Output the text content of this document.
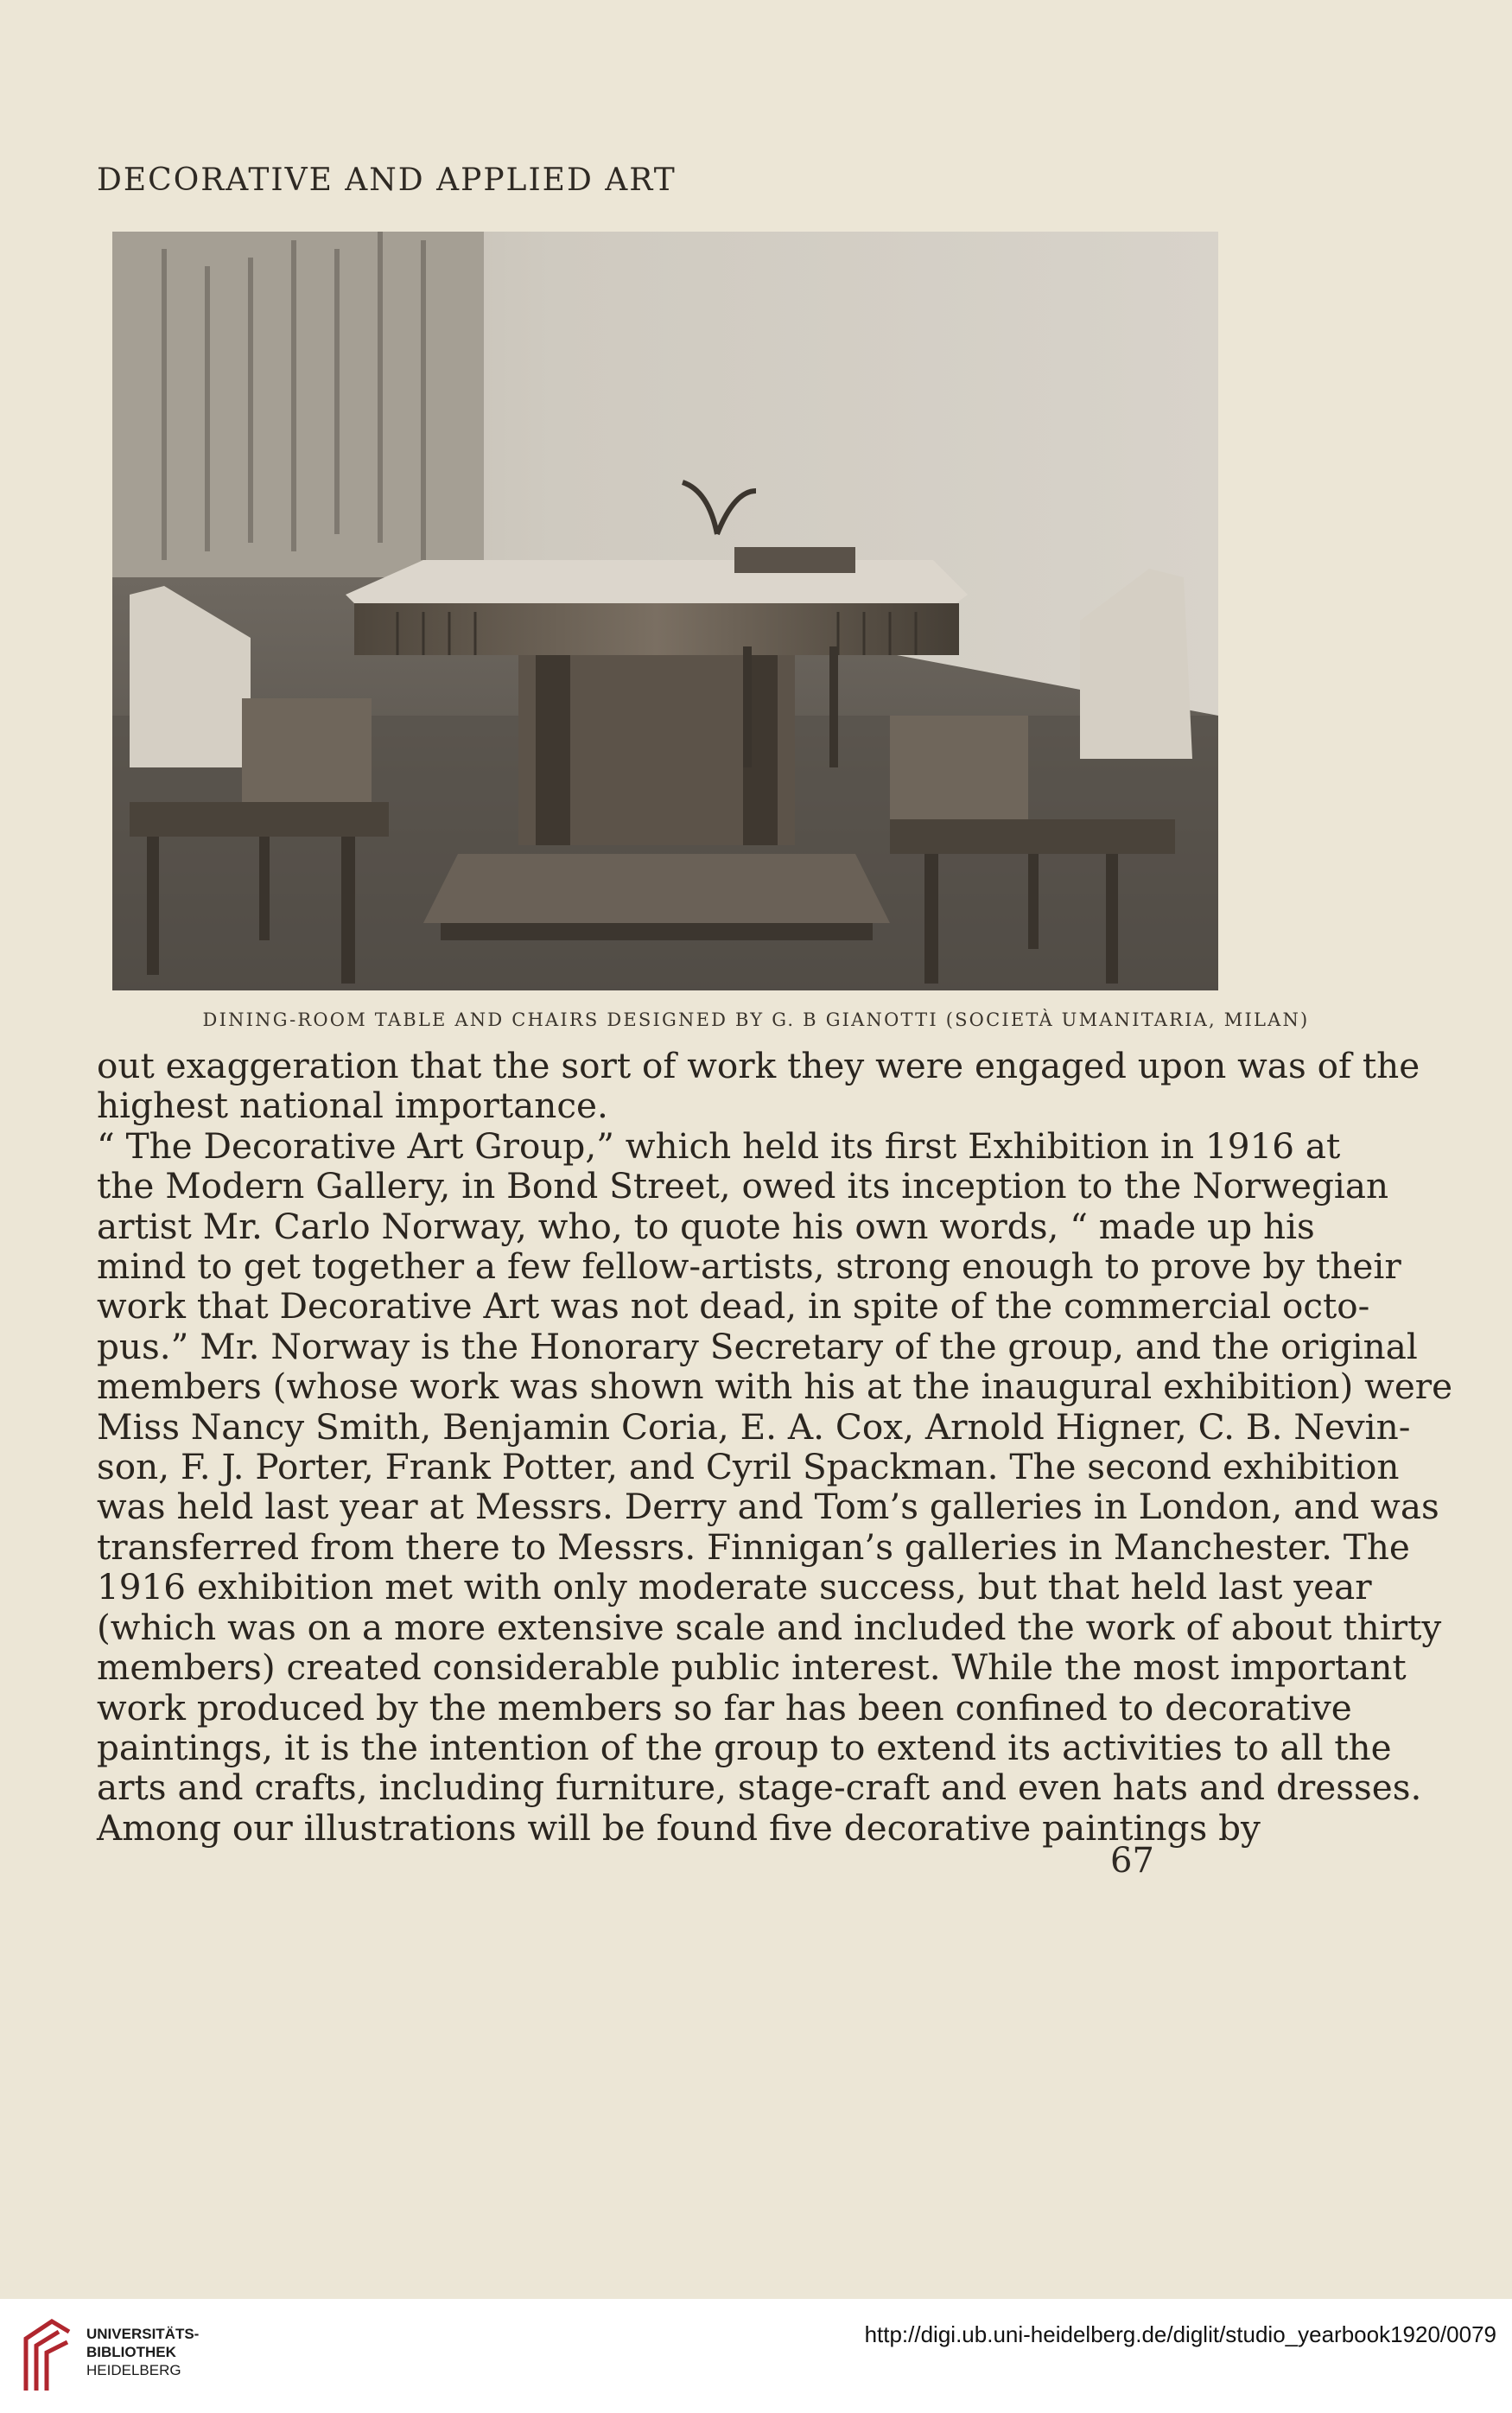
DECORATIVE AND APPLIED ART
DINING-ROOM TABLE AND CHAIRS DESIGNED BY G. B GIANOTTI (SOCIETÀ UMANITARIA, MILAN)
out exaggeration that the sort of work they were engaged upon was of the
highest national importance.
“ The Decorative Art Group,” which held its first Exhibition in 1916 at
the Modern Gallery, in Bond Street, owed its inception to the Norwegian
artist Mr. Carlo Norway, who, to quote his own words, “ made up his
mind to get together a few fellow-artists, strong enough to prove by their
work that Decorative Art was not dead, in spite of the commercial octo-
pus.” Mr. Norway is the Honorary Secretary of the group, and the original
members (whose work was shown with his at the inaugural exhibition) were
Miss Nancy Smith, Benjamin Coria, E. A. Cox, Arnold Higner, C. B. Nevin-
son, F. J. Porter, Frank Potter, and Cyril Spackman. The second exhibition
was held last year at Messrs. Derry and Tom’s galleries in London, and was
transferred from there to Messrs. Finnigan’s galleries in Manchester. The
1916 exhibition met with only moderate success, but that held last year
(which was on a more extensive scale and included the work of about thirty
members) created considerable public interest. While the most important
work produced by the members so far has been confined to decorative
paintings, it is the intention of the group to extend its activities to all the
arts and crafts, including furniture, stage-craft and even hats and dresses.
Among our illustrations will be found five decorative paintings by
67
UNIVERSITÄTS-
BIBLIOTHEK
HEIDELBERG
http://digi.ub.uni-heidelberg.de/diglit/studio_yearbook1920/0079
